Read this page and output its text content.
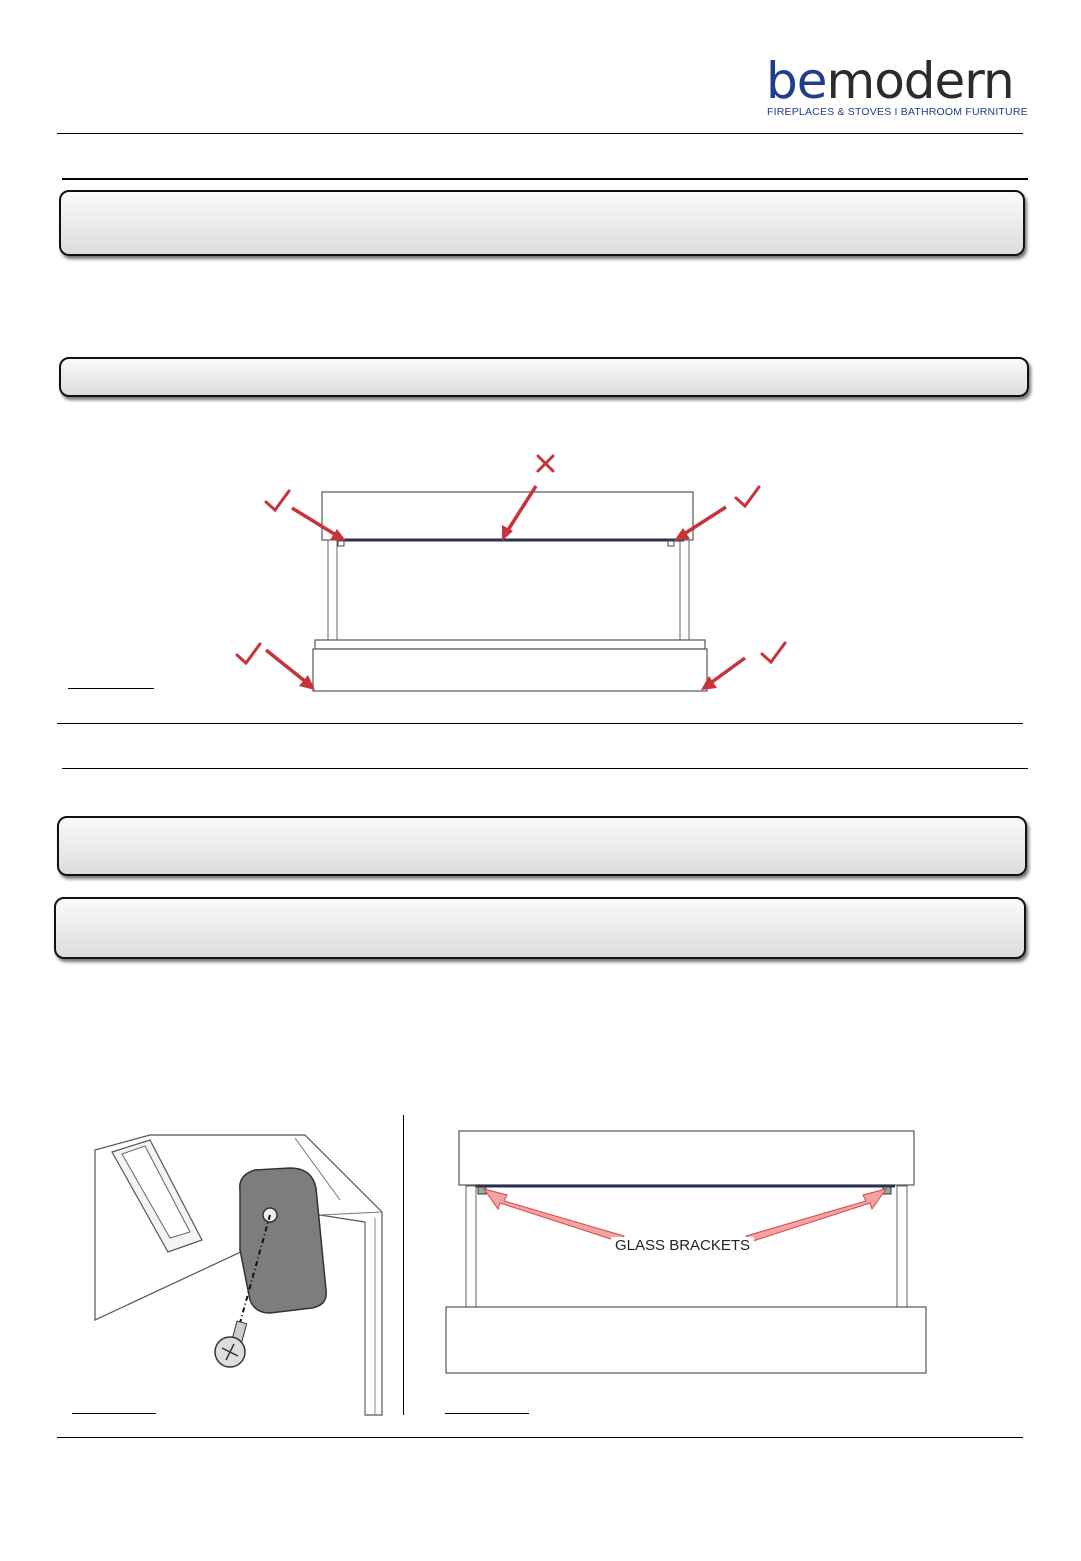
bemodern
FIREPLACES & STOVES I BATHROOM FURNITURE
GLASS BRACKETS
